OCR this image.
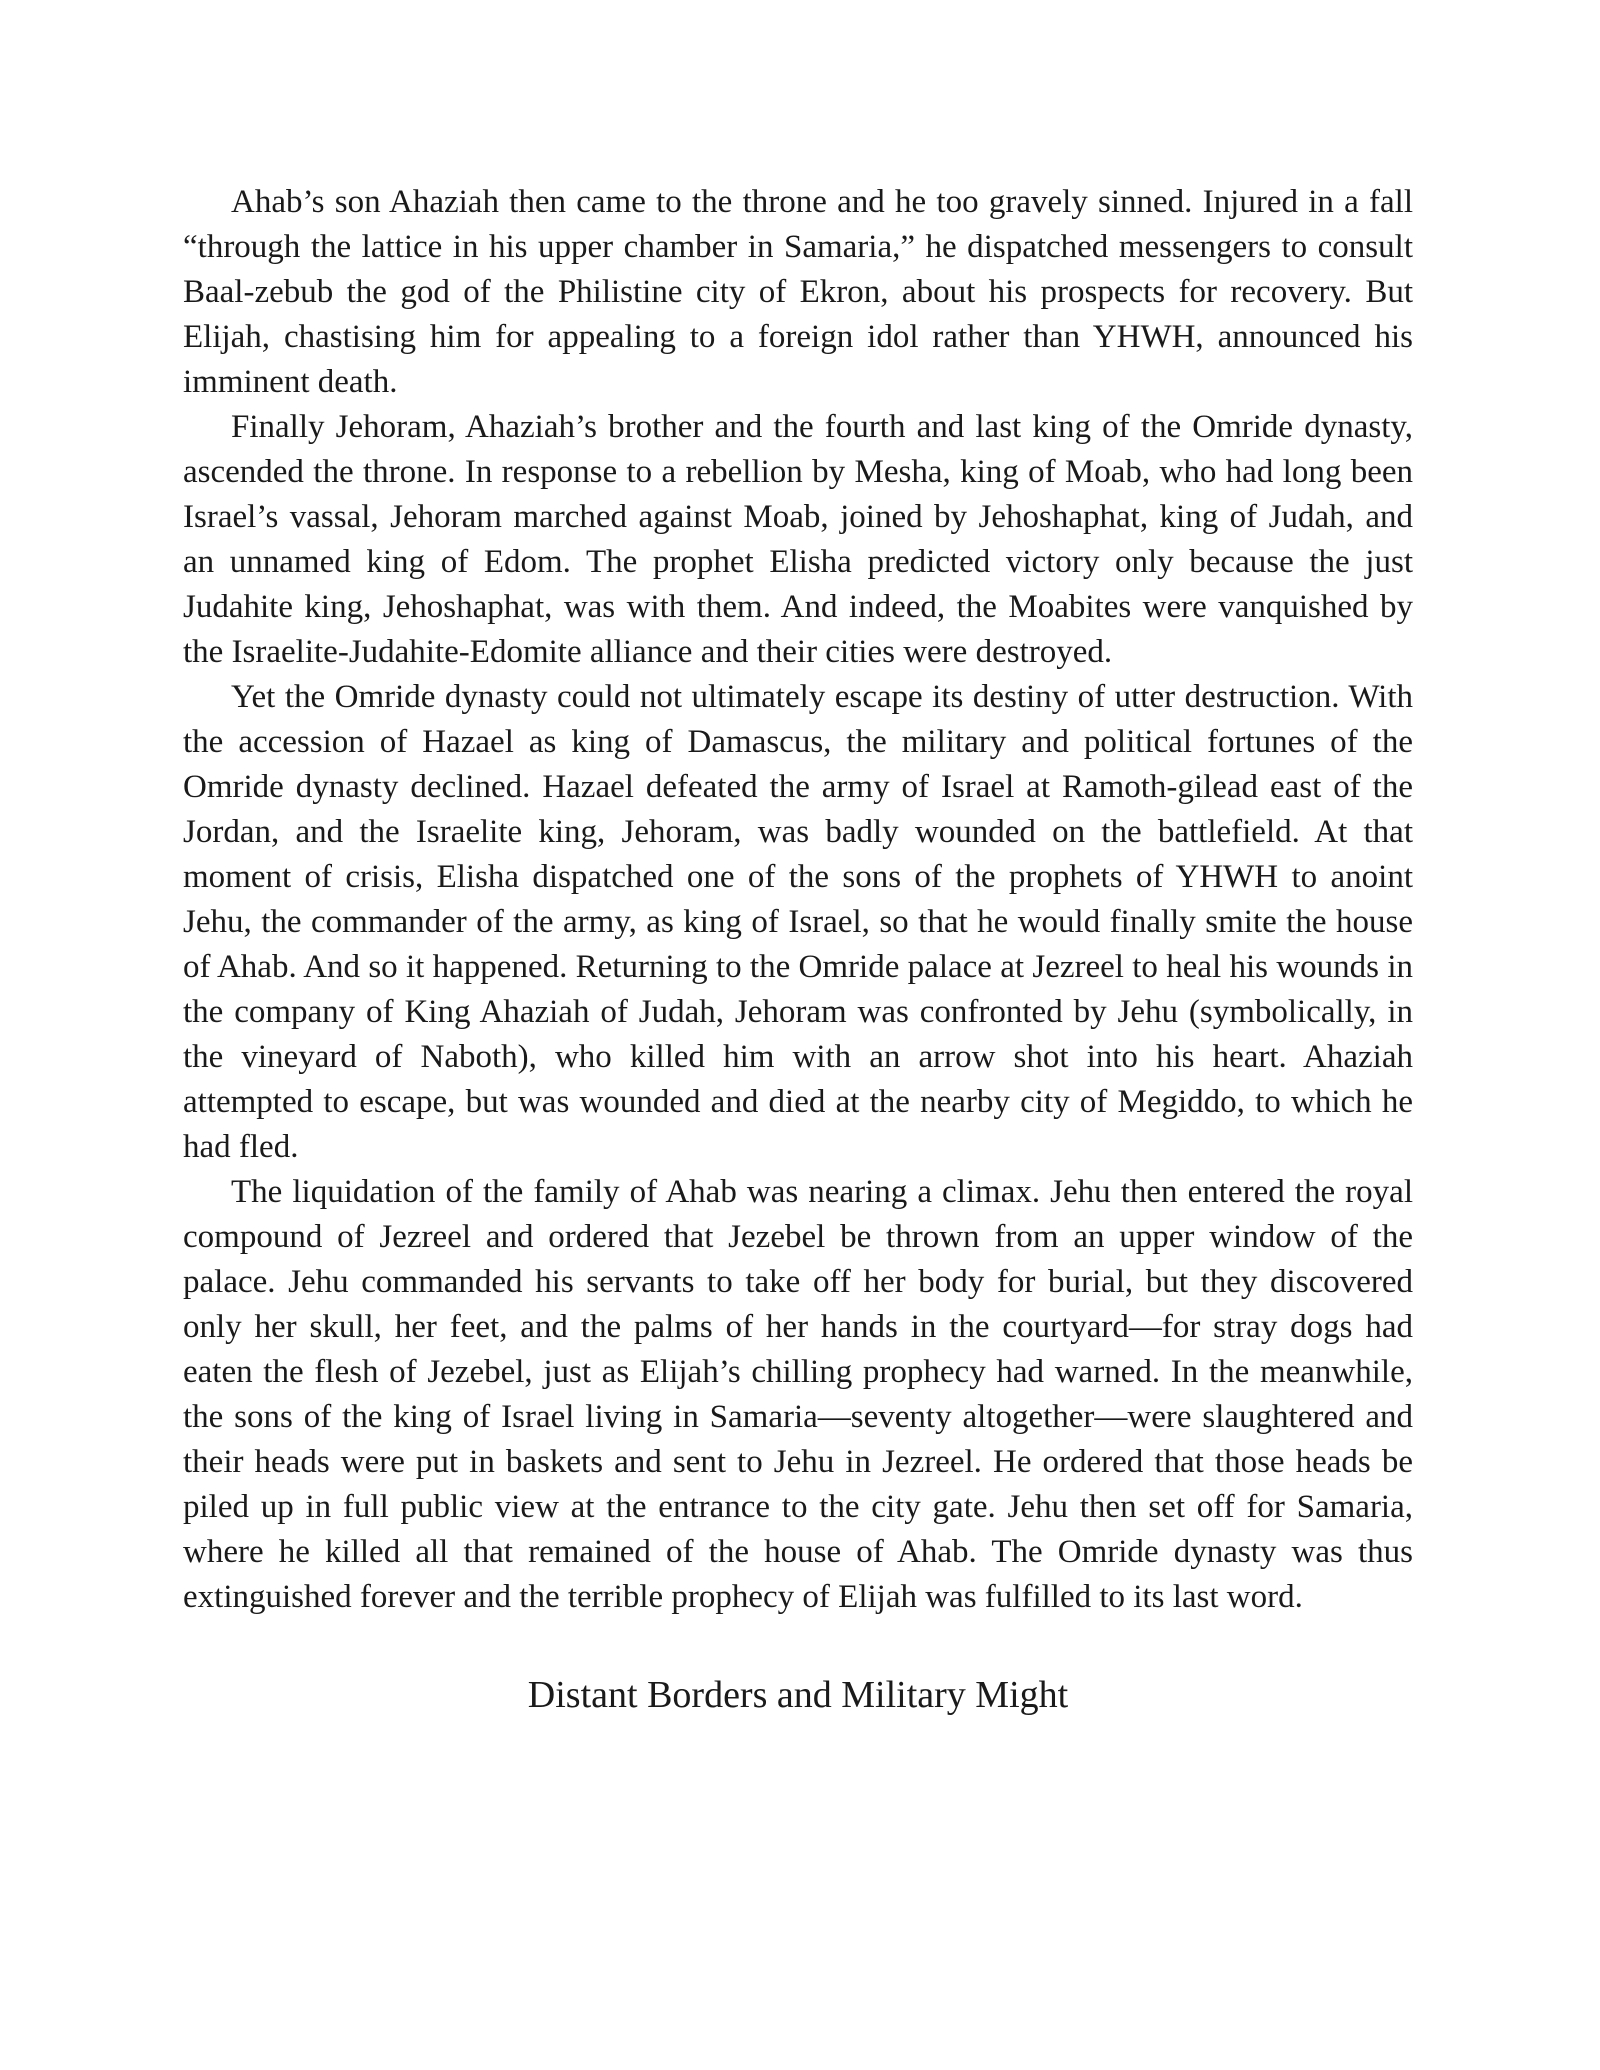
Ahab’s son Ahaziah then came to the throne and he too gravely sinned. Injured in a fall “through the lattice in his upper chamber in Samaria,” he dispatched messengers to consult Baal-zebub the god of the Philistine city of Ekron, about his prospects for recovery. But Elijah, chastising him for appealing to a foreign idol rather than YHWH, announced his imminent death.

Finally Jehoram, Ahaziah’s brother and the fourth and last king of the Omride dynasty, ascended the throne. In response to a rebellion by Mesha, king of Moab, who had long been Israel’s vassal, Jehoram marched against Moab, joined by Jehoshaphat, king of Judah, and an unnamed king of Edom. The prophet Elisha predicted victory only because the just Judahite king, Jehoshaphat, was with them. And indeed, the Moabites were vanquished by the Israelite-Judahite-Edomite alliance and their cities were destroyed.

Yet the Omride dynasty could not ultimately escape its destiny of utter destruction. With the accession of Hazael as king of Damascus, the military and political fortunes of the Omride dynasty declined. Hazael defeated the army of Israel at Ramoth-gilead east of the Jordan, and the Israelite king, Jehoram, was badly wounded on the battlefield. At that moment of crisis, Elisha dispatched one of the sons of the prophets of YHWH to anoint Jehu, the commander of the army, as king of Israel, so that he would finally smite the house of Ahab. And so it happened. Returning to the Omride palace at Jezreel to heal his wounds in the company of King Ahaziah of Judah, Jehoram was confronted by Jehu (symbolically, in the vineyard of Naboth), who killed him with an arrow shot into his heart. Ahaziah attempted to escape, but was wounded and died at the nearby city of Megiddo, to which he had fled.

The liquidation of the family of Ahab was nearing a climax. Jehu then entered the royal compound of Jezreel and ordered that Jezebel be thrown from an upper window of the palace. Jehu commanded his servants to take off her body for burial, but they discovered only her skull, her feet, and the palms of her hands in the courtyard—for stray dogs had eaten the flesh of Jezebel, just as Elijah’s chilling prophecy had warned. In the meanwhile, the sons of the king of Israel living in Samaria—seventy altogether—were slaughtered and their heads were put in baskets and sent to Jehu in Jezreel. He ordered that those heads be piled up in full public view at the entrance to the city gate. Jehu then set off for Samaria, where he killed all that remained of the house of Ahab. The Omride dynasty was thus extinguished forever and the terrible prophecy of Elijah was fulfilled to its last word.

Distant Borders and Military Might
